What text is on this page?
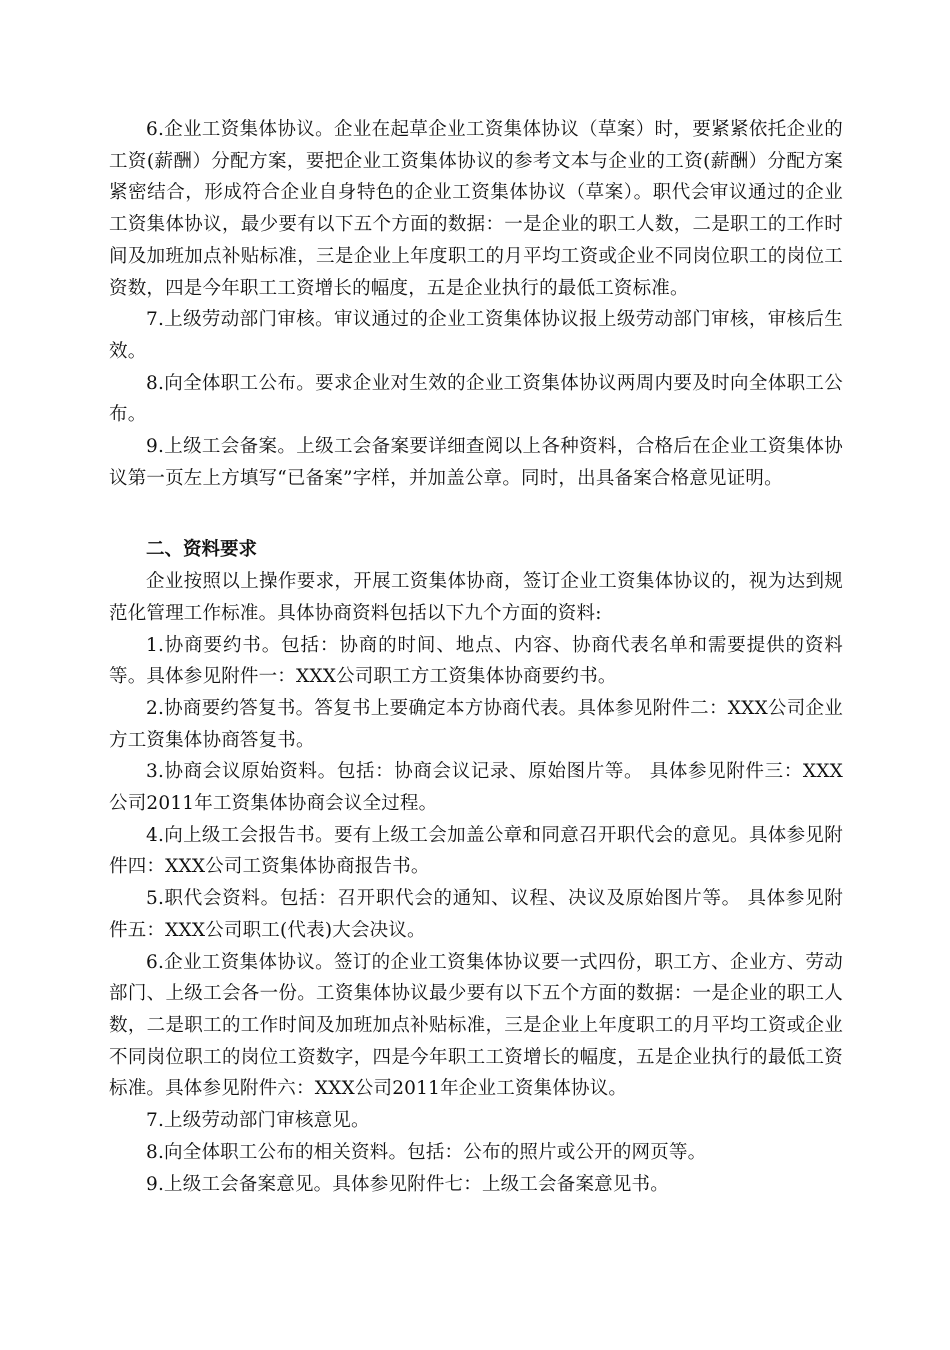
6.企业工资集体协议。企业在起草企业工资集体协议（草案）时，要紧紧依托企业的工资(薪酬）分配方案，要把企业工资集体协议的参考文本与企业的工资(薪酬）分配方案紧密结合，形成符合企业自身特色的企业工资集体协议（草案）。职代会审议通过的企业工资集体协议，最少要有以下五个方面的数据：一是企业的职工人数，二是职工的工作时间及加班加点补贴标准，三是企业上年度职工的月平均工资或企业不同岗位职工的岗位工资数，四是今年职工工资增长的幅度，五是企业执行的最低工资标准。

7.上级劳动部门审核。审议通过的企业工资集体协议报上级劳动部门审核，审核后生效。

8.向全体职工公布。要求企业对生效的企业工资集体协议两周内要及时向全体职工公布。

9.上级工会备案。上级工会备案要详细查阅以上各种资料，合格后在企业工资集体协议第一页左上方填写“已备案”字样，并加盖公章。同时，出具备案合格意见证明。

二、资料要求

企业按照以上操作要求，开展工资集体协商，签订企业工资集体协议的，视为达到规范化管理工作标准。具体协商资料包括以下九个方面的资料:

1.协商要约书。包括：协商的时间、地点、内容、协商代表名单和需要提供的资料等。具体参见附件一：XXX公司职工方工资集体协商要约书。

2.协商要约答复书。答复书上要确定本方协商代表。具体参见附件二：XXX公司企业方工资集体协商答复书。

3.协商会议原始资料。包括：协商会议记录、原始图片等。 具体参见附件三：XXX公司2011年工资集体协商会议全过程。

4.向上级工会报告书。要有上级工会加盖公章和同意召开职代会的意见。具体参见附件四：XXX公司工资集体协商报告书。

5.职代会资料。包括：召开职代会的通知、议程、决议及原始图片等。 具体参见附件五：XXX公司职工(代表)大会决议。

6.企业工资集体协议。签订的企业工资集体协议要一式四份，职工方、企业方、劳动部门、上级工会各一份。工资集体协议最少要有以下五个方面的数据：一是企业的职工人数，二是职工的工作时间及加班加点补贴标准，三是企业上年度职工的月平均工资或企业不同岗位职工的岗位工资数字，四是今年职工工资增长的幅度，五是企业执行的最低工资标准。具体参见附件六：XXX公司2011年企业工资集体协议。

7.上级劳动部门审核意见。

8.向全体职工公布的相关资料。包括：公布的照片或公开的网页等。

9.上级工会备案意见。具体参见附件七：上级工会备案意见书。
